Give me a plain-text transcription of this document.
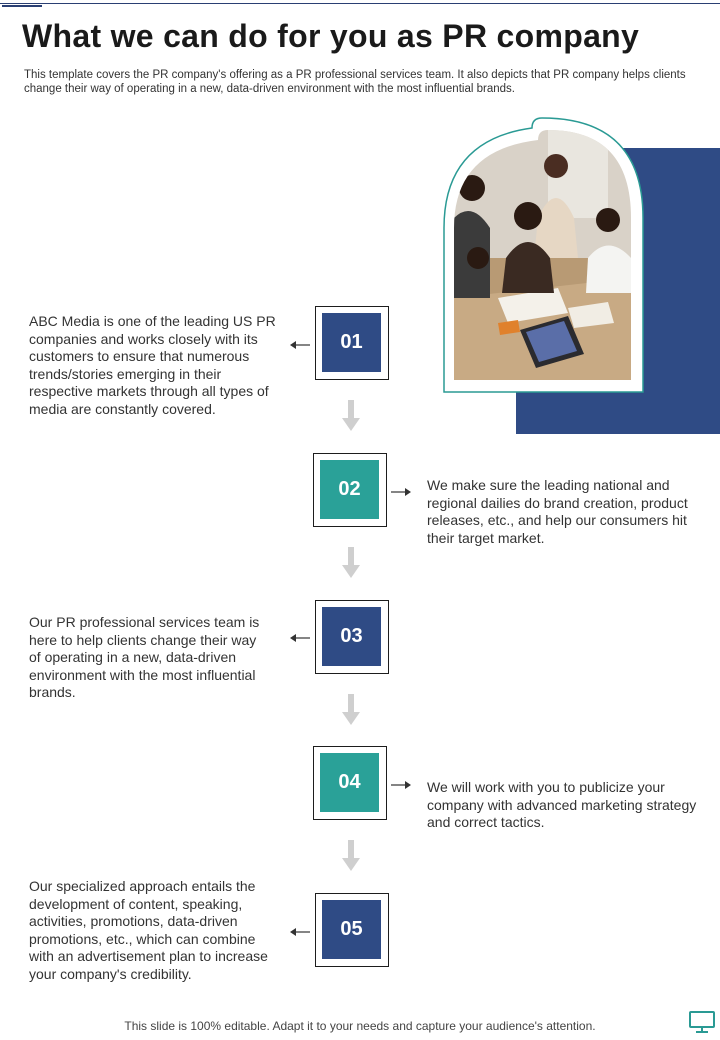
What we can do for you as PR company
This template covers the PR company's offering as a PR professional services team. It also depicts that PR company helps clients change their way of operating in a new, data-driven environment with the most influential brands.
01
ABC Media is one of the leading US PR companies and works closely with its customers to ensure that numerous trends/stories emerging in their respective markets through all types of media are constantly covered.
02	We make sure the leading national and regional dailies do brand creation, product releases, etc., and help our consumers hit their target market.
03
Our PR professional services team is here to help clients change their way of operating in a new, data-driven environment with the most influential brands.
04	We will work with you to publicize your company with advanced marketing strategy and correct tactics.
05
Our specialized approach entails the development of content, speaking, activities, promotions, data-driven promotions, etc., which can combine with an advertisement plan to increase your company's credibility.
This slide is 100% editable. Adapt it to your needs and capture your audience's attention.
